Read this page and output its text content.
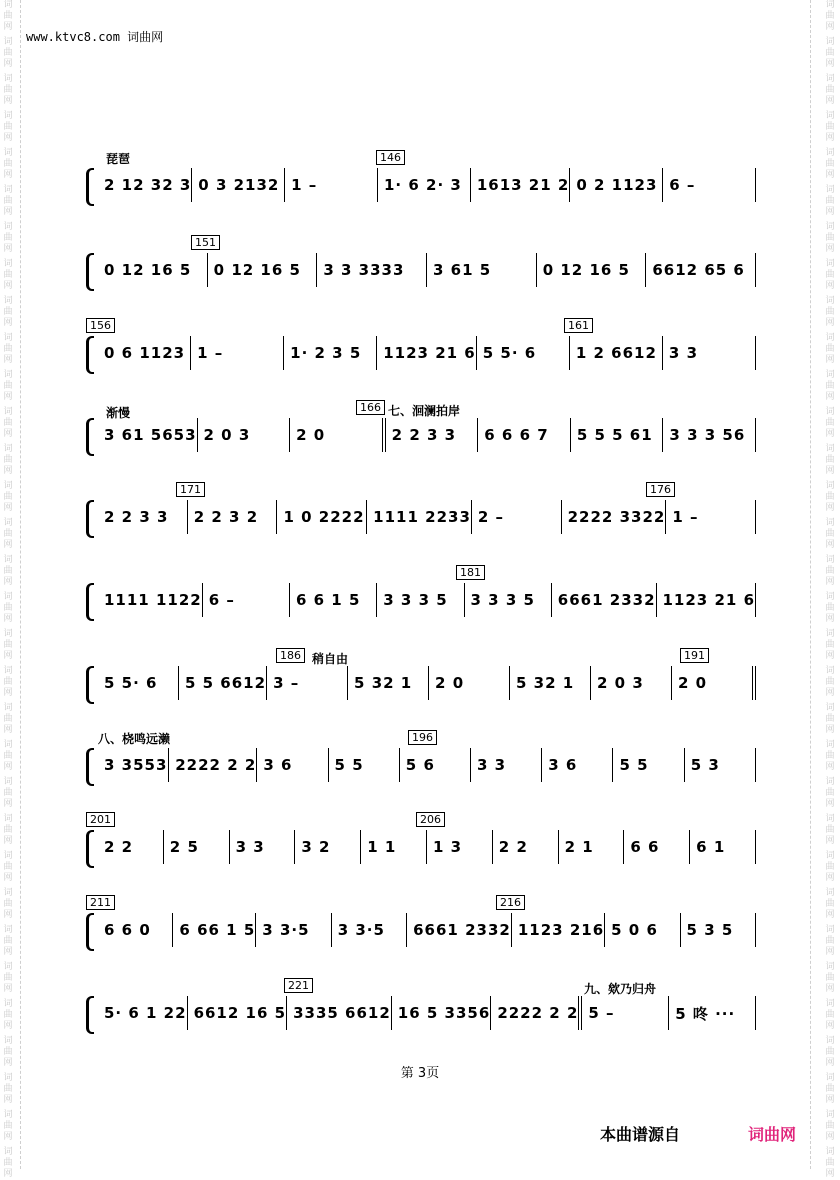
词
曲
网
词
曲
网
词
曲
网
词
曲
网
词
曲
网
词
曲
网
词
曲
网
词
曲
网
词
曲
网
词
曲
网
词
曲
网
词
曲
网
词
曲
网
词
曲
网
词
曲
网
词
曲
网
词
曲
网
词
曲
网
词
曲
网
词
曲
网
词
曲
网
词
曲
网
词
曲
网
词
曲
网
词
曲
网
词
曲
网
词
曲
网
词
曲
网
词
曲
网
词
曲
网
词
曲
网
词
曲
网
词
曲
网
词
曲
网
词
曲
网
词
曲
网
词
曲
网
词
曲
网
词
曲
网
词
曲
网
词
曲
网
词
曲
网
词
曲
网
词
曲
网
词
曲
网
词
曲
网
词
曲
网
词
曲
网
词
曲
网
词
曲
网
词
曲
网
词
曲
网
词
曲
网
词
曲
网
词
曲
网
词
曲
网
词
曲
网
词
曲
网
词
曲
网
词
曲
网
词
曲
网
词
曲
网
词
曲
网
词
曲
网
www.ktvc8.com 词曲网
2 12 32 3 0 3 2132 1 –	1· 6 2· 3	1613 21 2 0 2 1123 6 –
146
琵琶
0 12 16 5	0 12 16 5	3 3 3333	3 61 5	0 12 16 5	6612 65 6
151
0 6 1123 1 –	1· 2 3 5	1123 21 6 5 5· 6	1 2 6612 3 3
156	161
3 61 5653 2 0 3	2 0	2 2 3 3	6 6 6 7	5 5 5 61	3 3 3 56
166
渐慢	七、洄澜拍岸
2 2 3 3	2 2 3 2	1 0 2222 1111 2233 2 –	2222 3322 1 –
171	176
1111 1122 6 –	6 6 1 5	3 3 3 5	3 3 3 5	6661 2332 1123 21 6
181
5 5· 6	5 5 6612 3 –	5 32 1	2 0	5 32 1	2 0 3	2 0
186	191
稍自由
3 3553 2222 2 2 3 6	5 5	5 6	3 3	3 6	5 5	5 3
196
八、桡鸣远濑
2 2	2 5	3 3	3 2	1 1	1 3	2 2	2 1	6 6	6 1
201	206
6 6 0	6 66 1 5 3 3·5	3 3·5	6661 2332 1123 216 5 0 6	5 3 5
211	216
5· 6 1 22 6612 16 5 3335 6612 16 5 3356 2222 2 2 5 –	5 咚 ···
221	九、欸乃归舟
第 3页
本曲谱源自	词曲网
